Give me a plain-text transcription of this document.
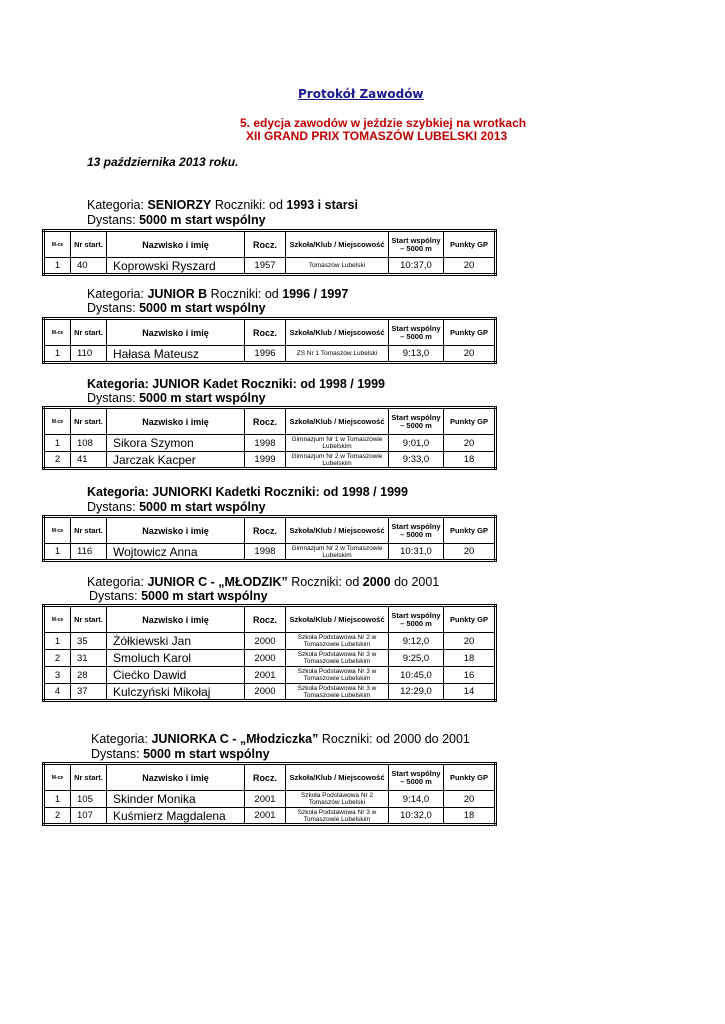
Protokół Zawodów
5. edycja zawodów w jeździe szybkiej na wrotkach
XII GRAND PRIX TOMASZÓW LUBELSKI 2013
13 października 2013 roku.
Kategoria: SENIORZY Roczniki: od 1993 i starsi
Dystans: 5000 m start wspólny
M-ce	Nr start.	Nazwisko i imię	Rocz.	Szkoła/Klub / Miejscowość	Start wspólny – 5000 m	Punkty GP
1	40	Koprowski Ryszard	1957	Tomaszów Lubelski	10:37,0	20
Kategoria: JUNIOR B Roczniki: od 1996 / 1997
Dystans: 5000 m start wspólny
M-ce	Nr start.	Nazwisko i imię	Rocz.	Szkoła/Klub / Miejscowość	Start wspólny – 5000 m	Punkty GP
1	110	Hałasa Mateusz	1996	ZS Nr 1 Tomaszów Lubelski	9:13,0	20
Kategoria: JUNIOR Kadet Roczniki: od 1998 / 1999
Dystans: 5000 m start wspólny
M-ce	Nr start.	Nazwisko i imię	Rocz.	Szkoła/Klub / Miejscowość	Start wspólny – 5000 m	Punkty GP
1	108	Sikora Szymon	1998	Gimnazjum Nr 1 w Tomaszowie Lubelskim	9:01,0	20
2	41	Jarczak Kacper	1999	Gimnazjum Nr 2 w Tomaszowie Lubelskim	9:33,0	18
Kategoria: JUNIORKI Kadetki Roczniki: od 1998 / 1999
Dystans: 5000 m start wspólny
M-ce	Nr start.	Nazwisko i imię	Rocz.	Szkoła/Klub / Miejscowość	Start wspólny – 5000 m	Punkty GP
1	116	Wojtowicz Anna	1998	Gimnazjum Nr 2 w Tomaszowie Lubelskim	10:31,0	20
Kategoria: JUNIOR C - „MŁODZIK” Roczniki: od 2000 do 2001
Dystans: 5000 m start wspólny
M-ce	Nr start.	Nazwisko i imię	Rocz.	Szkoła/Klub / Miejscowość	Start wspólny – 5000 m	Punkty GP
1	35	Żółkiewski Jan	2000	Szkoła Podstawowa Nr 2 w Tomaszowie Lubelskim	9:12,0	20
2	31	Smoluch Karol	2000	Szkoła Podstawowa Nr 3 w Tomaszowie Lubelskim	9:25,0	18
3	28	Ciećko Dawid	2001	Szkoła Podstawowa Nr 3 w Tomaszowie Lubelskim	10:45,0	16
4	37	Kulczyński Mikołaj	2000	Szkoła Podstawowa Nr 3 w Tomaszowie Lubelskim	12:29,0	14
Kategoria: JUNIORKA C - „Młodziczka” Roczniki: od 2000 do 2001
Dystans: 5000 m start wspólny
M-ce	Nr start.	Nazwisko i imię	Rocz.	Szkoła/Klub / Miejscowość	Start wspólny – 5000 m	Punkty GP
1	105	Skinder Monika	2001	Szkoła Podstawowa Nr 2 Tomaszów Lubelski	9:14,0	20
2	107	Kuśmierz Magdalena	2001	Szkoła Podstawowa Nr 3 w Tomaszowie Lubelskim	10:32,0	18
